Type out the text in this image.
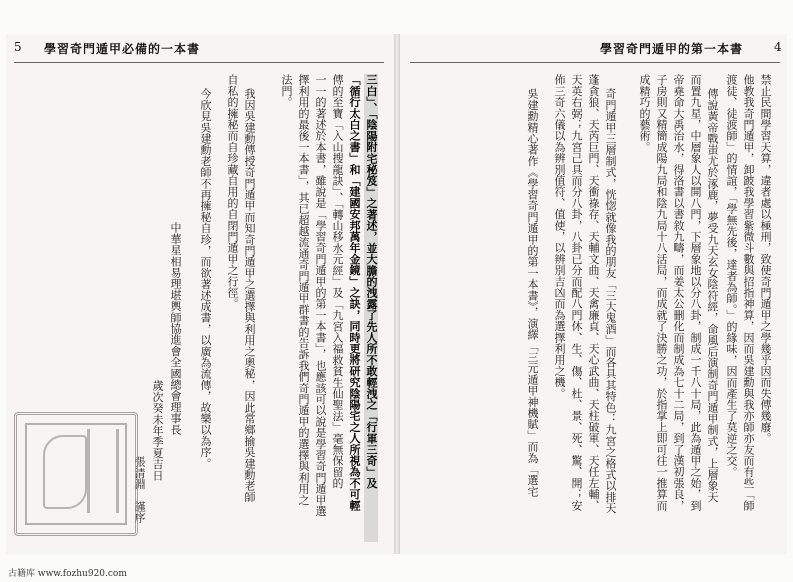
5 學習奇門遁甲必備的一本書	學習奇門遁甲的第一本書	4
禁止民間學習天算，違者處以極刑，致使奇門遁甲之學幾乎因而失傳幾廢。
他教我奇門遁甲，卸跛我學習紫微斗數與招指神算，因而吳建勳與我亦師亦友而有些「師
渡徒、徒渡師」的情誼，「學無先後，達者為師。」的緣味，因而產生了莫逆之交。
傳說黃帝戰蚩尤於涿鹿，夢受九天玄女陰符經，命風后演制奇門遁甲制式，上層象天
而置九星，中層象人以開八門，下層象地以分八卦，制成一千八十局，此為遁甲之始，到
帝堯命大禹治水，得洛書以書敘九疇，而姜太公刪化而制成為七十二局，到了漢初張良，
子房則又精簡成陽九局和陰九局十八活局，而成就了決勝之功，於指掌上即可往一推算而
成精巧的藝術。
奇門遁甲三層制式，恍惚就像我的朋友「三大鬼酒」而各具其特色：九宮之格式以排天
蓬貪狼、天芮巨門、天衝祿存、天輔文曲、天禽廉貞、天心武曲、天柱破軍、天任左輔、
天英右弼；九宮己具而分八卦，八卦已分而配八門休、生、傷、杜、景、死、驚、開；安
佈三奇六儀以為辨別值符、值使，以辨別吉凶而為選擇利用之機。
吳建勳精心著作《學習奇門遁甲的第一本書》，演繹「三元遁甲神機賦」而為「選宅
三白」、「陰陽附宅秘笈」之著述，並大膽的洩露了先人所不敢輕洩之「行軍三奇」及
「循行太白之書」和「建國安邦萬年金鏡」之訣，同時更將研究陰陽宅之人所視為不可輕
傳的至寶「入山搜龍訣」、「轉山移水元經」及「九宮入福救貧生仙聖法」毫無保留的
一一的著述於本書，雖說是「學習奇門遁甲的第一本書」，也應該可以說是學習奇門遁甲選
擇利用的最後一本書」，其已超越流通奇門遁甲群書的告訴我們奇門遁甲的選擇與利用之
法門。
我因吳建勳傳授奇門遁甲而知奇門遁甲之選擇與利用之奧秘，因此常鄉揄吳建勳老師
自私的擁秘而自珍藏自用的自閉門遁甲之行徑。
今欣見吳建勳老師不再擁秘自珍，而欲著述成書，以廣為流傳，故樂以為序。
中華星相易理堪輿師協進會全國總會理事長
歲次癸未年季夏吉日
張清淵　謹序
古籍库 www.fozhu920.com
